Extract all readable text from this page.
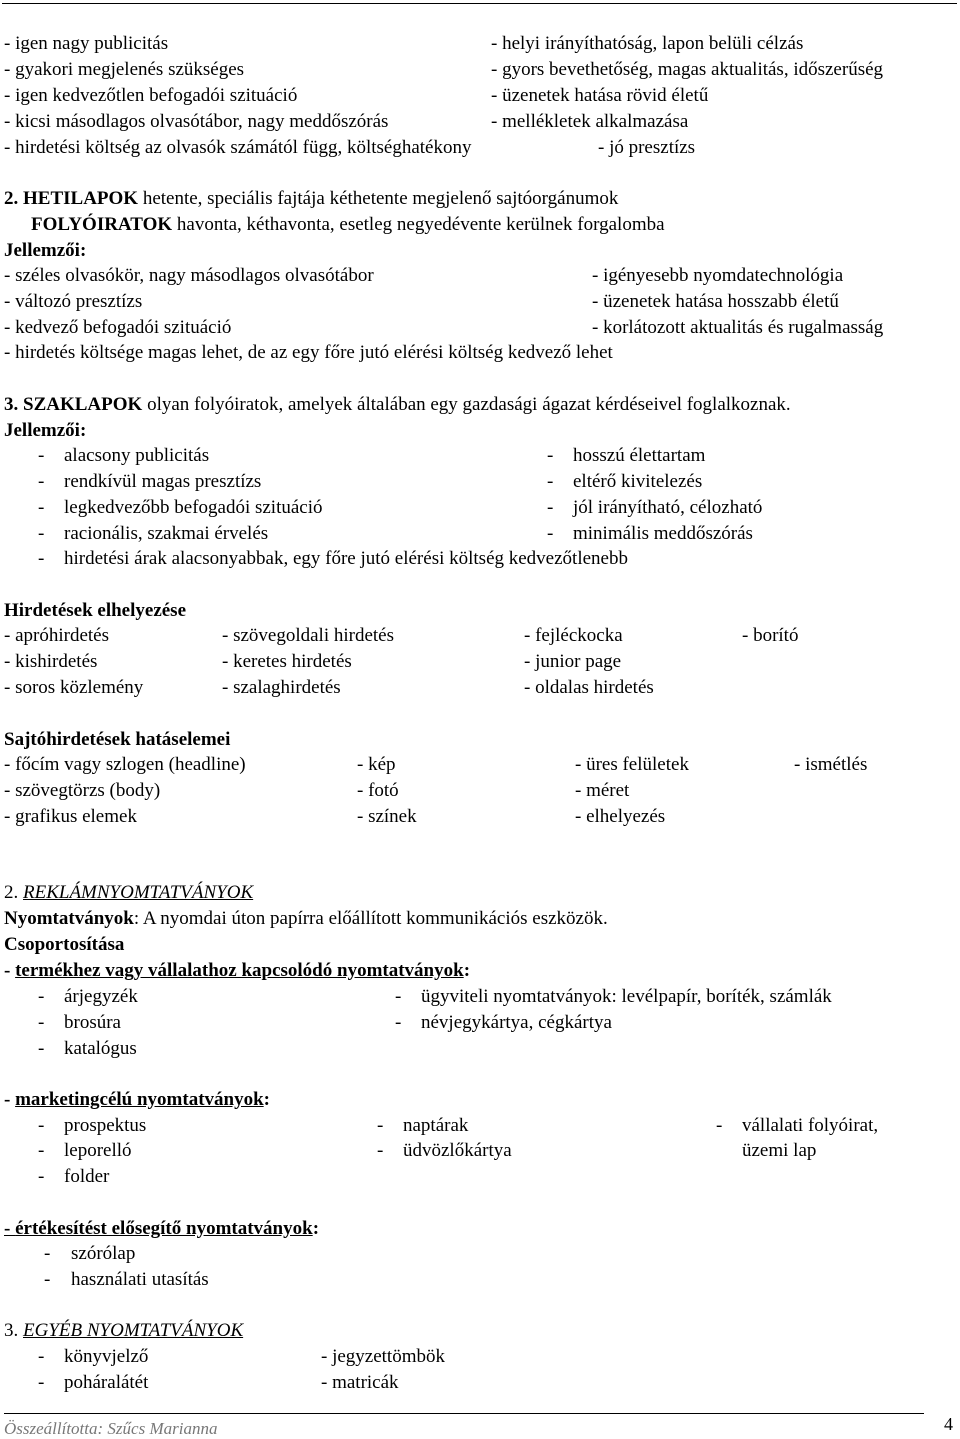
- igen nagy publicitás
- gyakori megjelenés szükséges
- igen kedvezőtlen befogadói szituáció
- kicsi másodlagos olvasótábor, nagy meddőszórás
- hirdetési költség az olvasók számától függ, költséghatékony
- helyi irányíthatóság, lapon belüli célzás
- gyors bevethetőség, magas aktualitás, időszerűség
- üzenetek hatása rövid életű
- mellékletek alkalmazása
- jó presztízs
2. HETILAPOK hetente, speciális fajtája kéthetente megjelenő sajtóorgánumok
FOLYÓIRATOK havonta, kéthavonta, esetleg negyedévente kerülnek forgalomba
Jellemzői:
- széles olvasókör, nagy másodlagos olvasótábor
- változó presztízs
- kedvező befogadói szituáció
- igényesebb nyomdatechnológia
- üzenetek hatása hosszabb életű
- korlátozott aktualitás és rugalmasság
- hirdetés költsége magas lehet, de az egy főre jutó elérési költség kedvező lehet
3. SZAKLAPOK olyan folyóiratok, amelyek általában egy gazdasági ágazat kérdéseivel foglalkoznak.
Jellemzői:
- alacsony publicitás
- rendkívül magas presztízs
- legkedvezőbb befogadói szituáció
- racionális, szakmai érvelés
- hosszú élettartam
- eltérő kivitelezés
- jól irányítható, célozható
- minimális meddőszórás
- hirdetési árak alacsonyabbak, egy főre jutó elérési költség kedvezőtlenebb
Hirdetések elhelyezése
- apróhirdetés
- kishirdetés
- soros közlemény
- szövegoldali hirdetés
- keretes hirdetés
- szalaghirdetés
- fejléckocka
- junior page
- oldalas hirdetés
- borító
Sajtóhirdetések hatáselemei
- főcím vagy szlogen (headline)
- szövegtörzs (body)
- grafikus elemek
- kép
- fotó
- színek
- üres felületek
- méret
- elhelyezés
- ismétlés
2. REKLÁMNYOMTATVÁNYOK
Nyomtatványok: A nyomdai úton papírra előállított kommunikációs eszközök.
Csoportosítása
- termékhez vagy vállalathoz kapcsolódó nyomtatványok:
- árjegyzék
- brosúra
- katalógus
- ügyviteli nyomtatványok: levélpapír, boríték, számlák
- névjegykártya, cégkártya
- marketingcélú nyomtatványok:
- prospektus
- leporelló
- folder
- naptárak
- üdvözlőkártya
- vállalati folyóirat,
üzemi lap
- értékesítést elősegítő nyomtatványok:
- szórólap
- használati utasítás
3. EGYÉB NYOMTATVÁNYOK
- könyvjelző
- poháralátét
- jegyzettömbök
- matricák
Összeállította: Szűcs Marianna	4
